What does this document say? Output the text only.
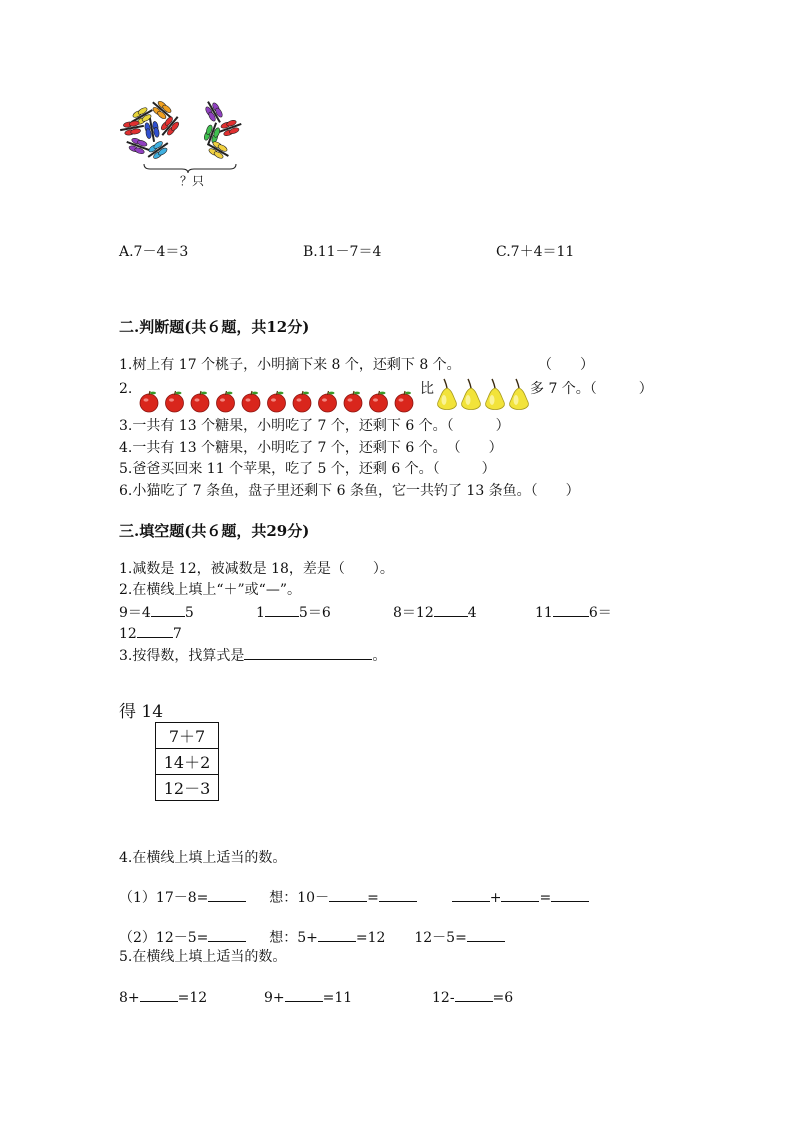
？只
A.7－4＝3	B.11－7＝4	C.7＋4＝11
二.判断题(共６题，共12分)
1.树上有 17 个桃子，小明摘下来 8 个，还剩下 8 个。	（　　）
2.	比	多 7 个。（　　　）
3.一共有 13 个糖果，小明吃了 7 个，还剩下 6 个。（　　　）
4.一共有 13 个糖果，小明吃了 7 个，还剩下 6 个。　（　　）
5.爸爸买回来 11 个苹果，吃了 5 个，还剩 6 个。（　　　）
6.小猫吃了 7 条鱼，盘子里还剩下 6 条鱼，它一共钓了 13 条鱼。（　　）
三.填空题(共６题，共29分)
1.减数是 12，被减数是 18，差是（　　）。
2.在横线上填上“＋”或“—”。
9＝4 5	1 5＝6	8＝12 4	11	6＝
12	7
3.按得数，找算式是	。
得 14
7＋7
14＋2
12－3
4.在横线上填上适当的数。
（1）17－8=	想：10－	=	+	=
（2）12－5=	想：5+	=12 12－5=
5.在横线上填上适当的数。
8+	=12	9+	=11	12-	=6
